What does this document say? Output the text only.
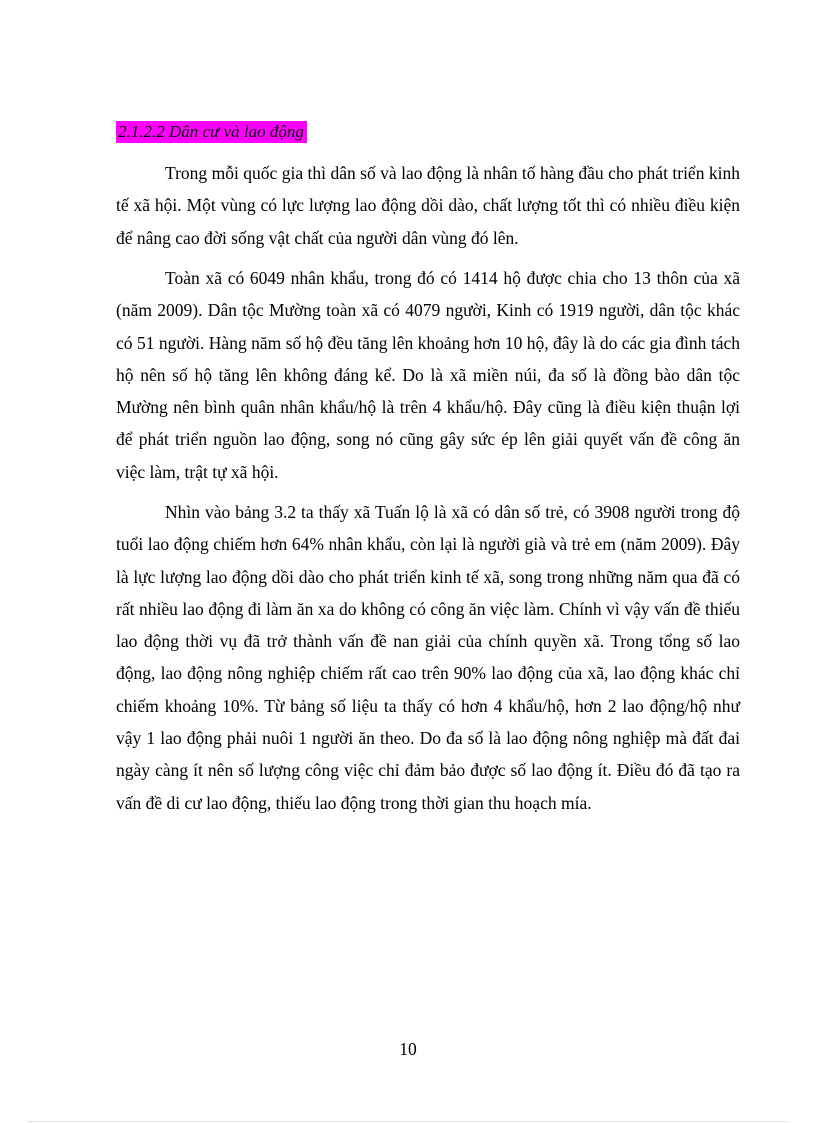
2.1.2.2 Dân cư và lao động

Trong mỗi quốc gia thì dân số và lao động là nhân tố hàng đầu cho phát triển kinh tế xã hội. Một vùng có lực lượng lao động dồi dào, chất lượng tốt thì có nhiều điều kiện để nâng cao đời sống vật chất của người dân vùng đó lên.

Toàn xã có 6049 nhân khẩu, trong đó có 1414 hộ được chia cho 13 thôn của xã (năm 2009). Dân tộc Mường toàn xã có 4079 người, Kinh có 1919 người, dân tộc khác có 51 người. Hàng năm số hộ đều tăng lên khoảng hơn 10 hộ, đây là do các gia đình tách hộ nên số hộ tăng lên không đáng kể. Do là xã miền núi, đa số là đồng bào dân tộc Mường nên bình quân nhân khẩu/hộ là trên 4 khẩu/hộ. Đây cũng là điều kiện thuận lợi để phát triển nguồn lao động, song nó cũng gây sức ép lên giải quyết vấn đề công ăn việc làm, trật tự xã hội.

Nhìn vào bảng 3.2 ta thấy xã Tuấn lộ là xã có dân số trẻ, có 3908 người trong độ tuổi lao động chiếm hơn 64% nhân khẩu, còn lại là người già và trẻ em (năm 2009). Đây là lực lượng lao động dồi dào cho phát triển kinh tế xã, song trong những năm qua đã có rất nhiều lao động đi làm ăn xa do không có công ăn việc làm. Chính vì vậy vấn đề thiếu lao động thời vụ đã trở thành vấn đề nan giải của chính quyền xã. Trong tổng số lao động, lao động nông nghiệp chiếm rất cao trên 90% lao động của xã, lao động khác chỉ chiếm khoảng 10%. Từ bảng số liệu ta thấy có hơn 4 khẩu/hộ, hơn 2 lao động/hộ như vậy 1 lao động phải nuôi 1 người ăn theo. Do đa số là lao động nông nghiệp mà đất đai ngày càng ít nên số lượng công việc chỉ đảm bảo được số lao động ít. Điều đó đã tạo ra vấn đề di cư lao động, thiếu lao động trong thời gian thu hoạch mía.

10
